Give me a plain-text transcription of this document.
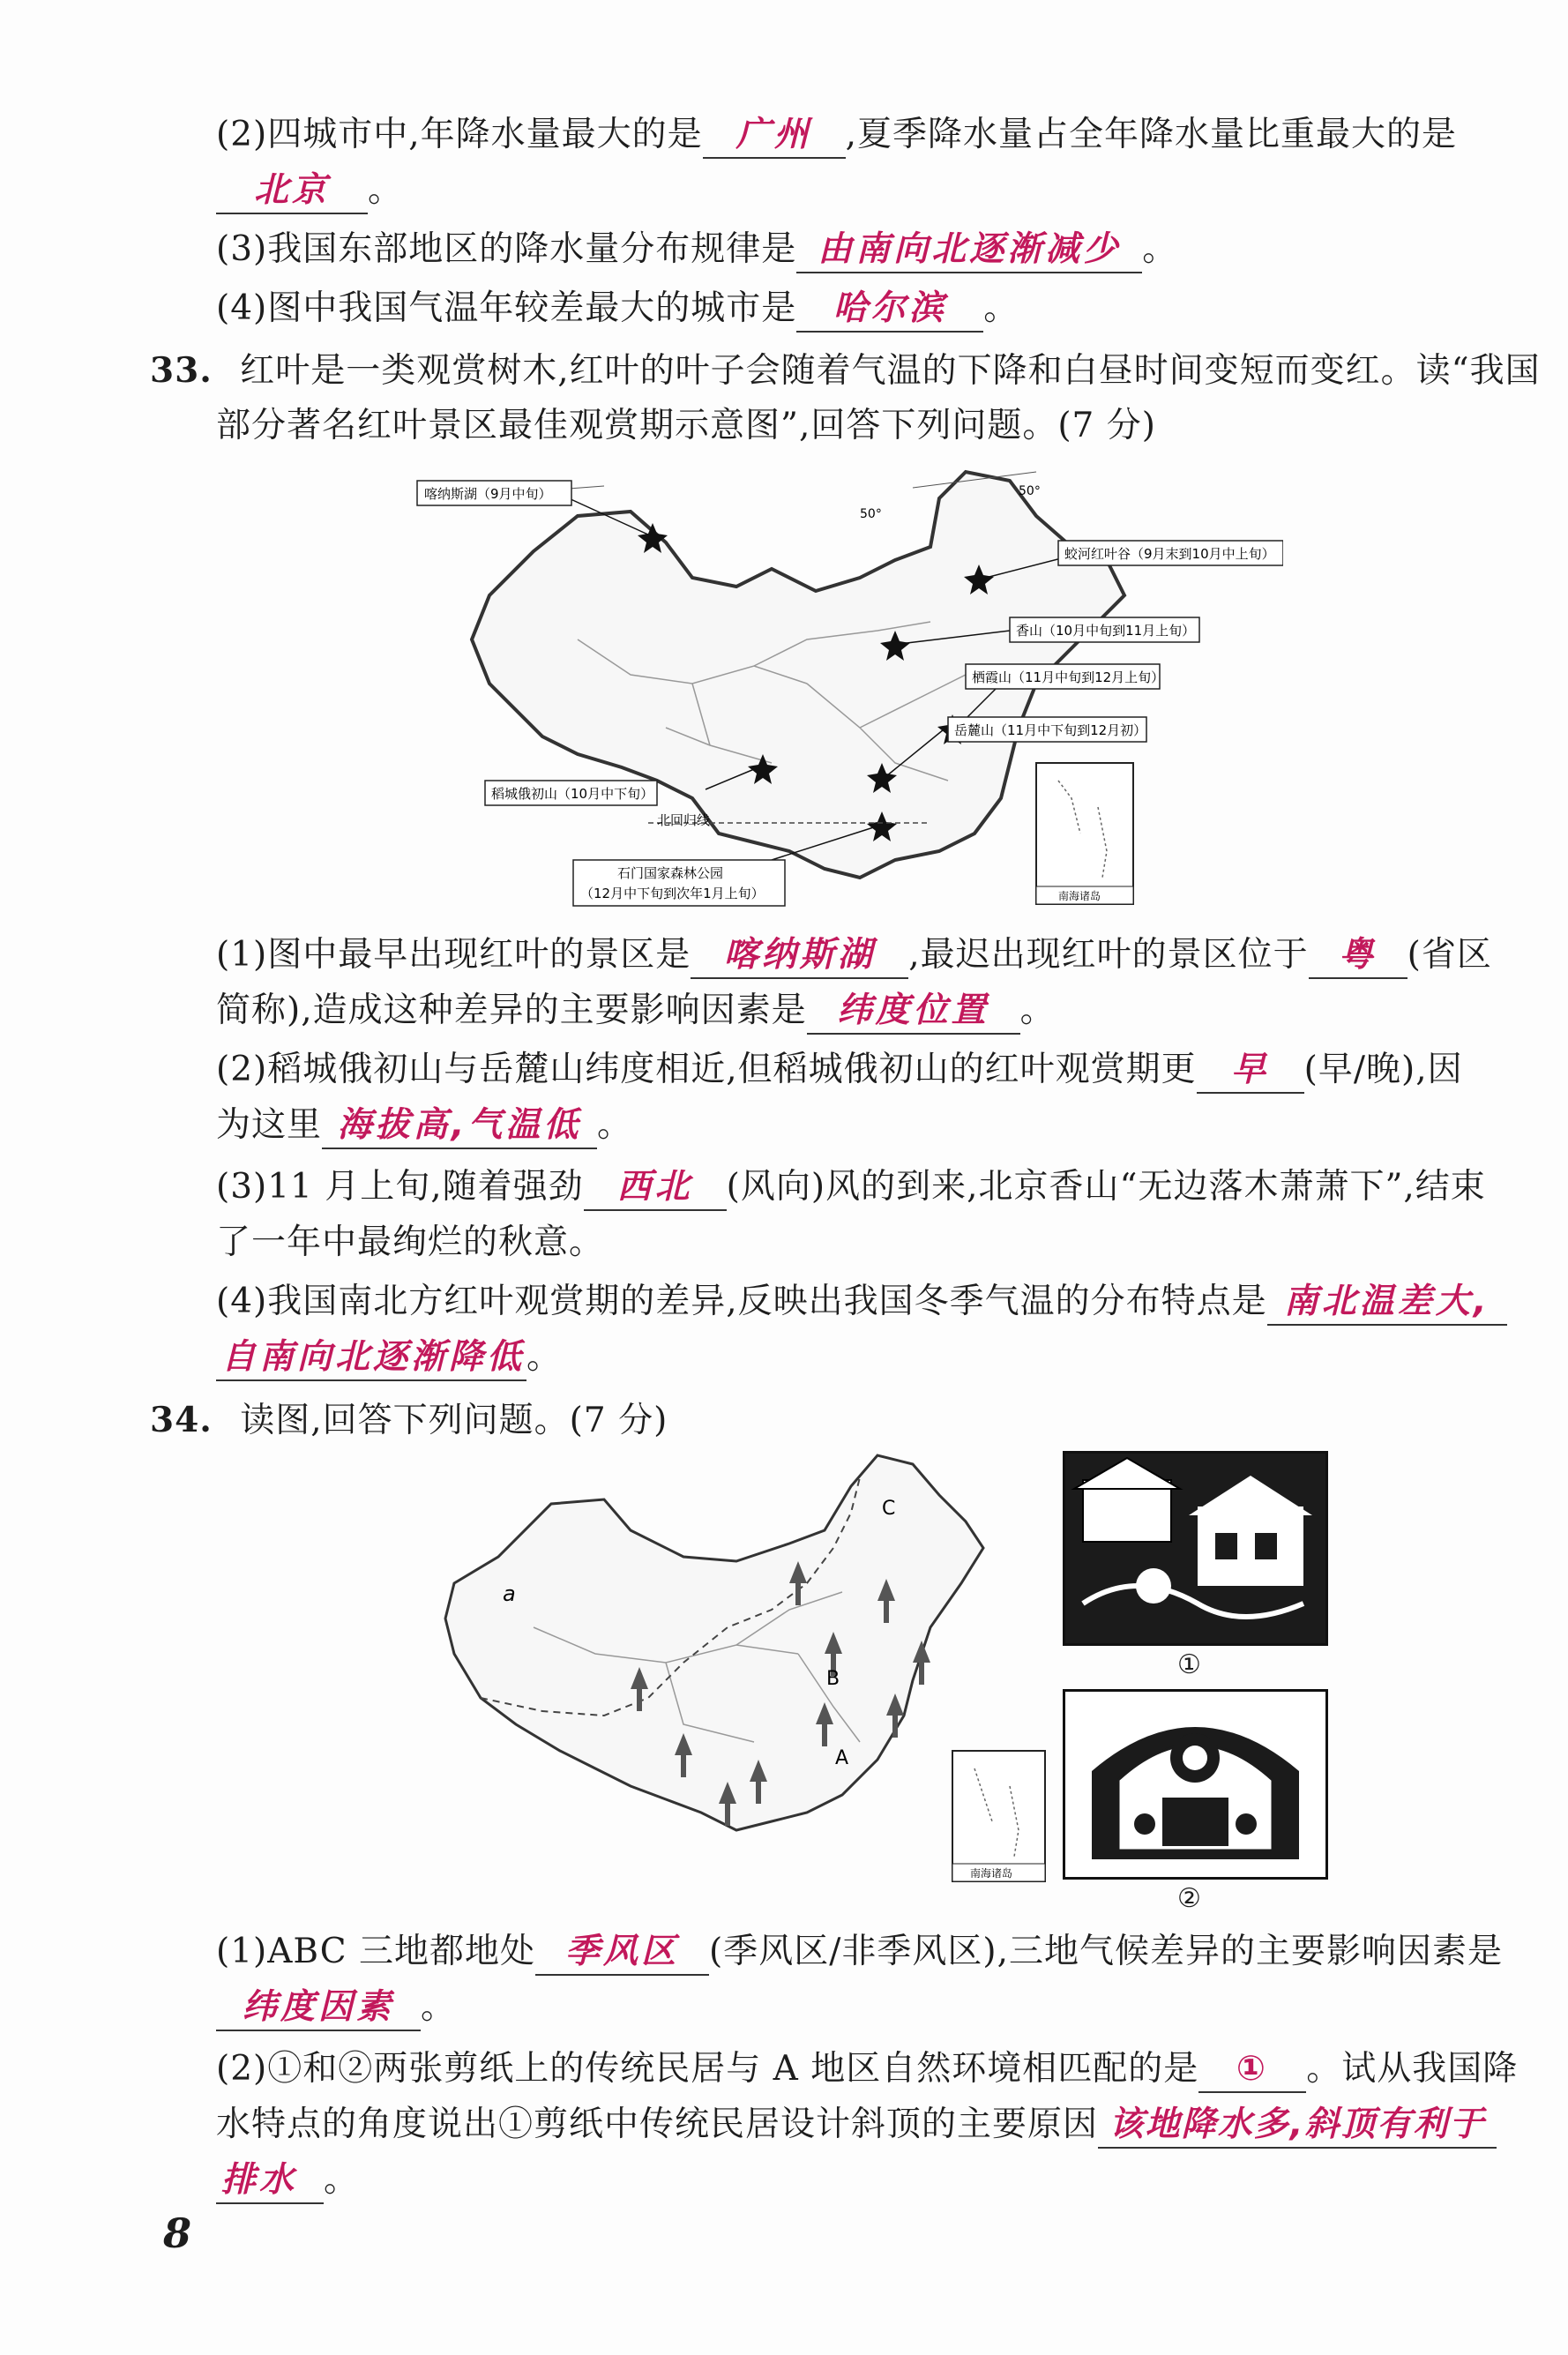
(2)四城市中,年降水量最大的是 广州 ,夏季降水量占全年降水量比重最大的是
北京 。
(3)我国东部地区的降水量分布规律是 由南向北逐渐减少 。
(4)图中我国气温年较差最大的城市是 哈尔滨 。
33. 红叶是一类观赏树木,红叶的叶子会随着气温的下降和白昼时间变短而变红。读“我国
部分著名红叶景区最佳观赏期示意图”,回答下列问题。(7 分)
50°
50°
喀纳斯湖（9月中旬）
蛟河红叶谷（9月末到10月中上旬）
香山（10月中旬到11月上旬）
栖霞山（11月中旬到12月上旬）
岳麓山（11月中下旬到12月初）
稻城俄初山（10月中下旬）
石门国家森林公园
（12月中下旬到次年1月上旬）
北回归线
南海诸岛
(1)图中最早出现红叶的景区是 喀纳斯湖 ,最迟出现红叶的景区位于 粤 (省区
简称),造成这种差异的主要影响因素是 纬度位置 。
(2)稻城俄初山与岳麓山纬度相近,但稻城俄初山的红叶观赏期更 早 (早/晚),因
为这里 海拔高,气温低 。
(3)11 月上旬,随着强劲 西北 (风向)风的到来,北京香山“无边落木萧萧下”,结束
了一年中最绚烂的秋意。
(4)我国南北方红叶观赏期的差异,反映出我国冬季气温的分布特点是 南北温差大,
自南向北逐渐降低。
34. 读图,回答下列问题。(7 分)
a
C
B
A
南海诸岛
①
②
(1)ABC 三地都地处 季风区 (季风区/非季风区),三地气候差异的主要影响因素是
纬度因素 。
(2)①和②两张剪纸上的传统民居与 A 地区自然环境相匹配的是 ① 。试从我国降
水特点的角度说出①剪纸中传统民居设计斜顶的主要原因 该地降水多,斜顶有利于
排水 。
8
